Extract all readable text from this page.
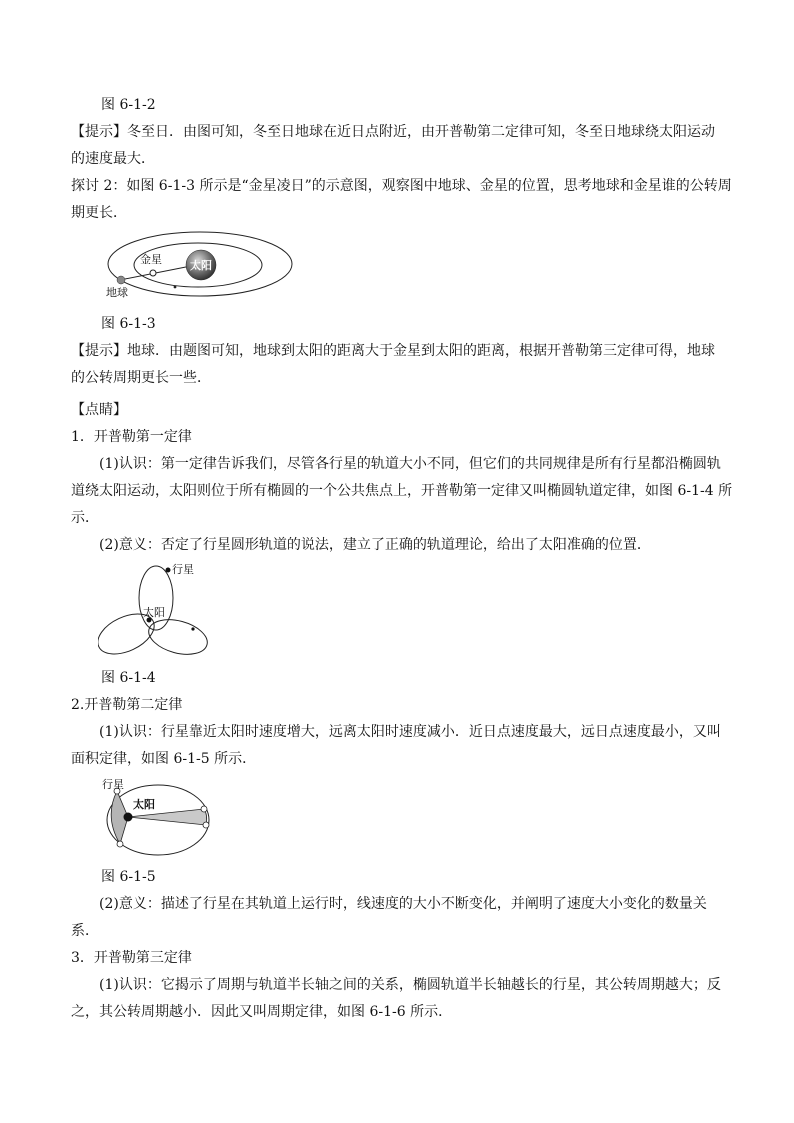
图 6-1-2
【提示】冬至日．由图可知，冬至日地球在近日点附近，由开普勒第二定律可知，冬至日地球绕太阳运动
的速度最大．
探讨 2：如图 6-1-3 所示是“金星凌日”的示意图，观察图中地球、金星的位置，思考地球和金星谁的公转周
期更长．
金星	太阳
地球
图 6-1-3
【提示】地球．由题图可知，地球到太阳的距离大于金星到太阳的距离，根据开普勒第三定律可得，地球
的公转周期更长一些．
【点睛】
1．开普勒第一定律
(1)认识：第一定律告诉我们，尽管各行星的轨道大小不同，但它们的共同规律是所有行星都沿椭圆轨
道绕太阳运动，太阳则位于所有椭圆的一个公共焦点上，开普勒第一定律又叫椭圆轨道定律，如图 6-1-4 所
示．
(2)意义：否定了行星圆形轨道的说法，建立了正确的轨道理论，给出了太阳准确的位置．
行星
太阳
图 6-1-4
2.开普勒第二定律
(1)认识：行星靠近太阳时速度增大，远离太阳时速度减小．近日点速度最大，远日点速度最小，又叫
面积定律，如图 6-1-5 所示．
行星
太阳
图 6-1-5
(2)意义：描述了行星在其轨道上运行时，线速度的大小不断变化，并阐明了速度大小变化的数量关
系．
3．开普勒第三定律
(1)认识：它揭示了周期与轨道半长轴之间的关系，椭圆轨道半长轴越长的行星，其公转周期越大；反
之，其公转周期越小．因此又叫周期定律，如图 6-1-6 所示．
